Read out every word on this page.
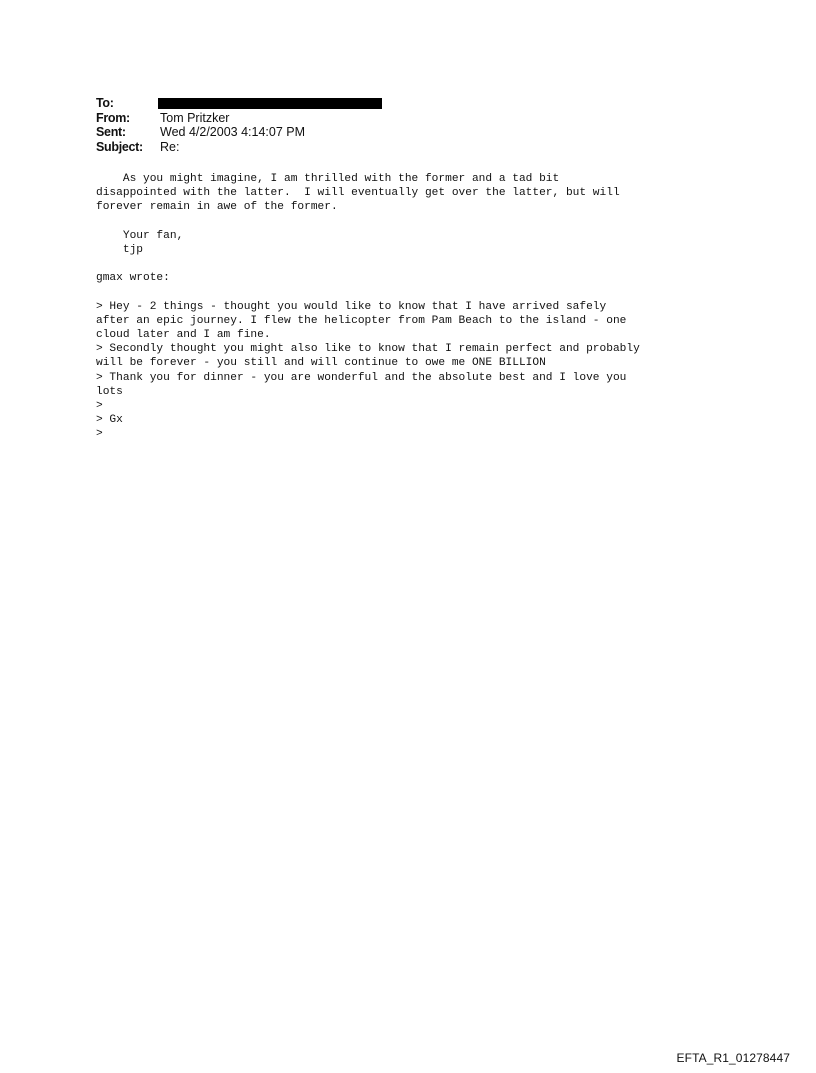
To:
From:	Tom Pritzker
Sent:	Wed 4/2/2003 4:14:07 PM
Subject:	Re:
As you might imagine, I am thrilled with the former and a tad bit
disappointed with the latter.  I will eventually get over the latter, but will
forever remain in awe of the former.
Your fan,
tjp
gmax wrote:
> Hey - 2 things - thought you would like to know that I have arrived safely
after an epic journey. I flew the helicopter from Pam Beach to the island - one
cloud later and I am fine.
> Secondly thought you might also like to know that I remain perfect and probably
will be forever - you still and will continue to owe me ONE BILLION
> Thank you for dinner - you are wonderful and the absolute best and I love you
lots
>
> Gx
>
EFTA_R1_01278447
